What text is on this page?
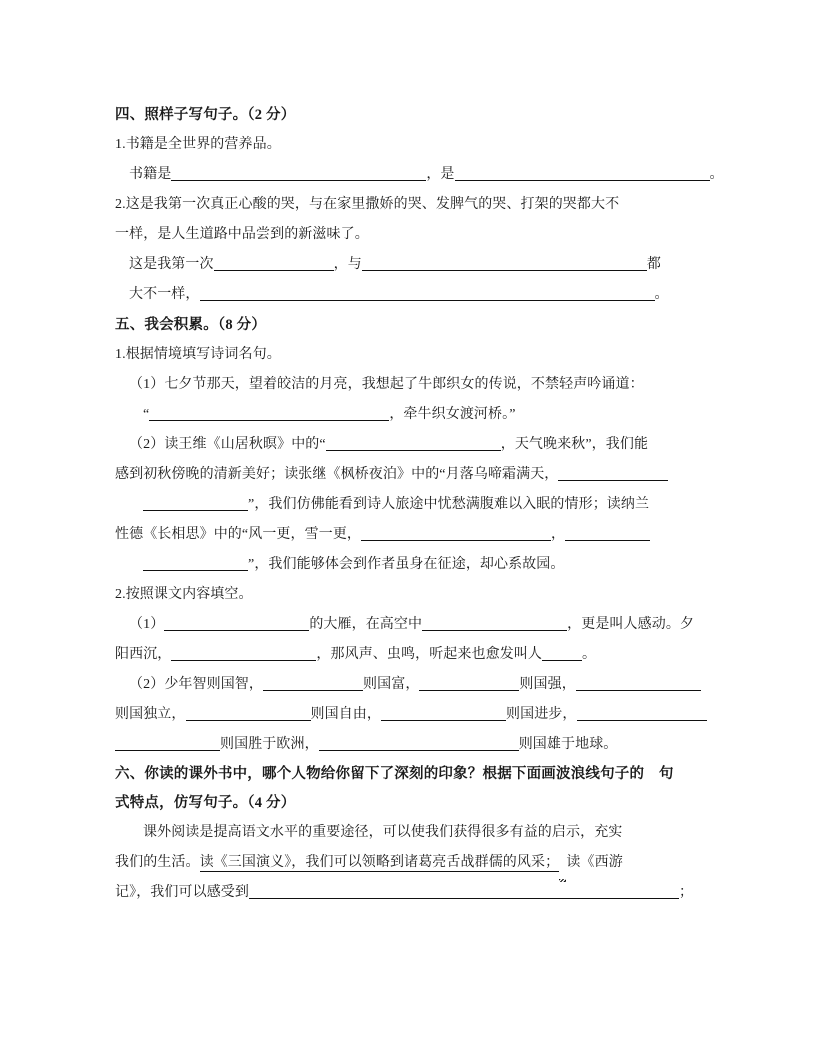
四、照样子写句子。（2 分）
1.书籍是全世界的营养品。
书籍是	，是	。
2.这是我第一次真正心酸的哭，与在家里撒娇的哭、发脾气的哭、打架的哭都大不
一样，是人生道路中品尝到的新滋味了。
这是我第一次	，与	都
大不一样，	。
五、我会积累。（8 分）
1.根据情境填写诗词名句。
（1）七夕节那天，望着皎洁的月亮，我想起了牛郎织女的传说，不禁轻声吟诵道：
“	，牵牛织女渡河桥。”
（2）读王维《山居秋暝》中的“	，天气晚来秋”，我们能
感到初秋傍晚的清新美好；读张继《枫桥夜泊》中的“月落乌啼霜满天，
”，我们仿佛能看到诗人旅途中忧愁满腹难以入眠的情形；读纳兰
性德《长相思》中的“风一更，雪一更，	，
”，我们能够体会到作者虽身在征途，却心系故园。
2.按照课文内容填空。
（1）	的大雁，在高空中	，更是叫人感动。夕
阳西沉，	，那风声、虫鸣，听起来也愈发叫人	。
（2）少年智则国智，	则国富，	则国强，
则国独立，	则国自由，	则国进步，
则国胜于欧洲，	则国雄于地球。
六、你读的课外书中，哪个人物给你留下了深刻的印象？根据下面画波浪线句子的　句
式特点，仿写句子。（4 分）
课外阅读是提高语文水平的重要途径，可以使我们获得很多有益的启示，充实
我们的生活。读《三国演义》，我们可以领略到诸葛亮舌战群儒的风采；​  读《西游
记》，我们可以感受到	；
